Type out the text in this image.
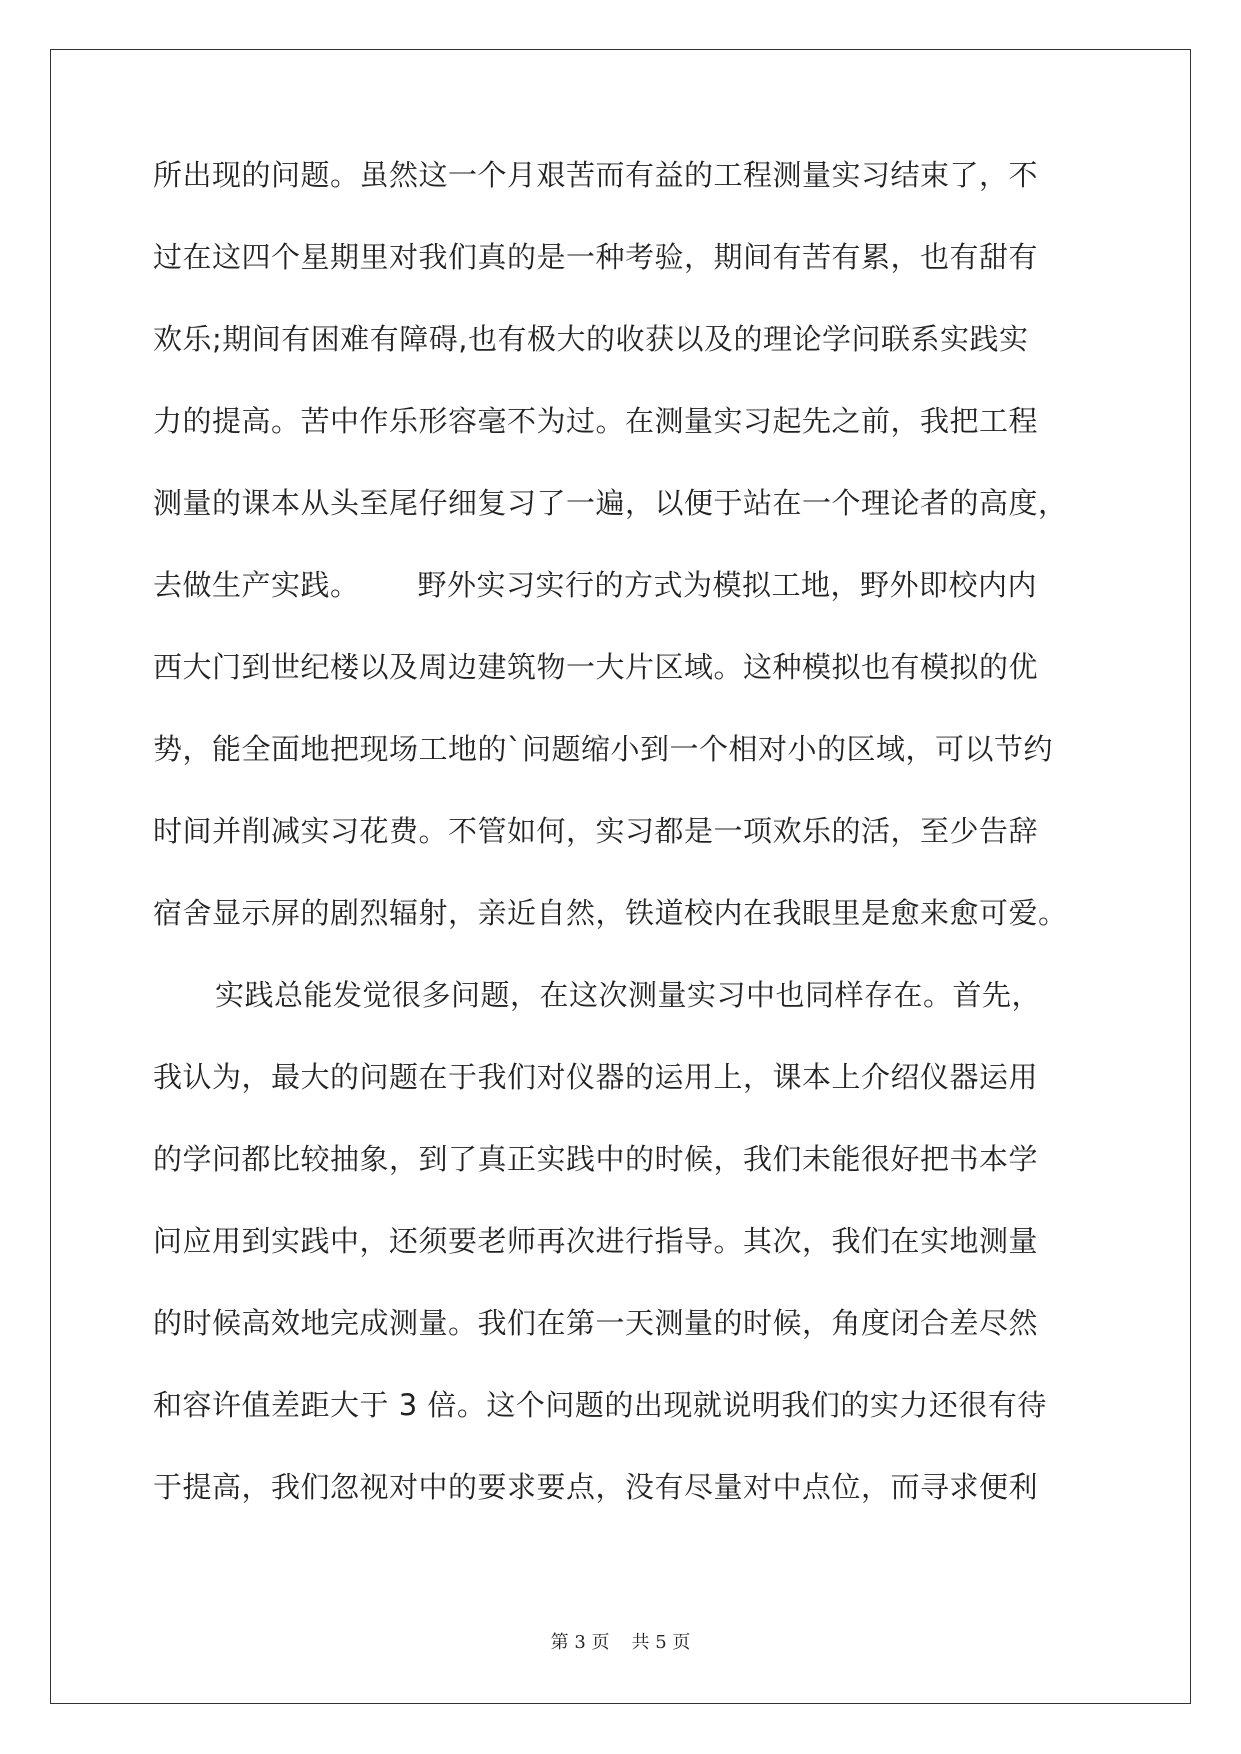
所出现的问题。虽然这一个月艰苦而有益的工程测量实习结束了，不
过在这四个星期里对我们真的是一种考验，期间有苦有累，也有甜有
欢乐;期间有困难有障碍,也有极大的收获以及的理论学问联系实践实
力的提高。苦中作乐形容毫不为过。在测量实习起先之前，我把工程
测量的课本从头至尾仔细复习了一遍，以便于站在一个理论者的高度，
去做生产实践。 野外实习实行的方式为模拟工地，野外即校内内
西大门到世纪楼以及周边建筑物一大片区域。这种模拟也有模拟的优
势，能全面地把现场工地的`问题缩小到一个相对小的区域，可以节约
时间并削减实习花费。不管如何，实习都是一项欢乐的活，至少告辞
宿舍显示屏的剧烈辐射，亲近自然，铁道校内在我眼里是愈来愈可爱。
实践总能发觉很多问题，在这次测量实习中也同样存在。首先，
我认为，最大的问题在于我们对仪器的运用上，课本上介绍仪器运用
的学问都比较抽象，到了真正实践中的时候，我们未能很好把书本学
问应用到实践中，还须要老师再次进行指导。其次，我们在实地测量
的时候高效地完成测量。我们在第一天测量的时候，角度闭合差尽然
和容许值差距大于 3 倍。这个问题的出现就说明我们的实力还很有待
于提高，我们忽视对中的要求要点，没有尽量对中点位，而寻求便利
第 3 页 共 5 页
